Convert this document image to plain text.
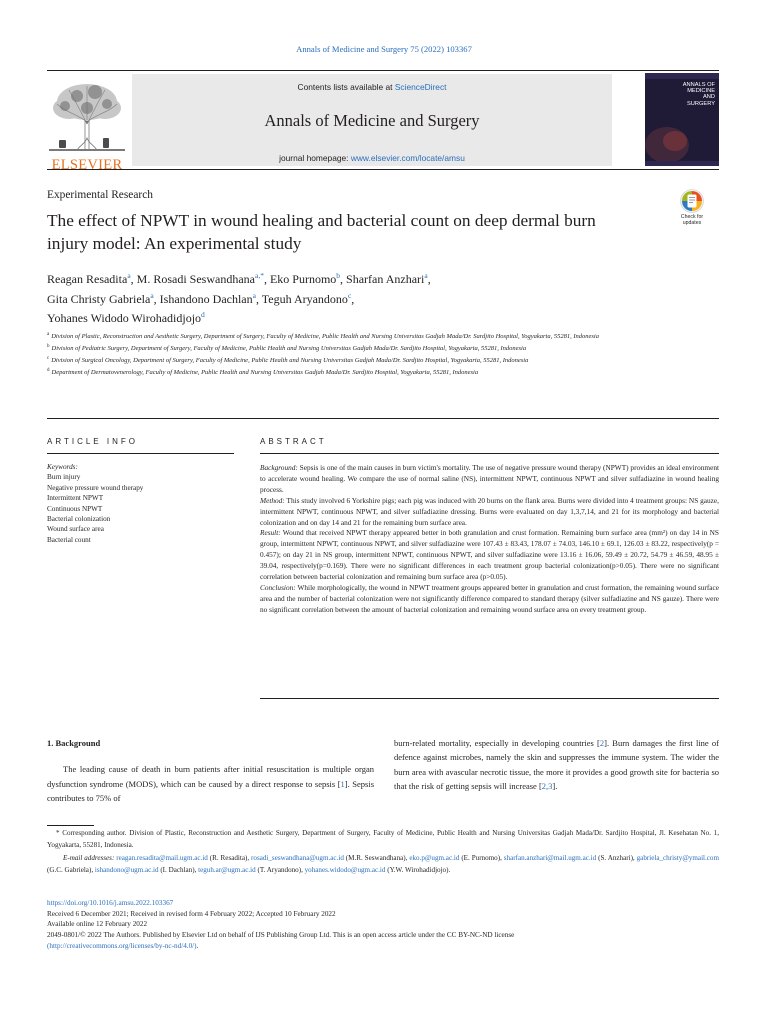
Annals of Medicine and Surgery 75 (2022) 103367
ELSEVIER
Contents lists available at ScienceDirect
Annals of Medicine and Surgery
journal homepage: www.elsevier.com/locate/amsu
ANNALS OF
MEDICINE
AND SURGERY
Experimental Research
The effect of NPWT in wound healing and bacterial count on deep dermal burn injury model: An experimental study
Check for
updates
Reagan Resadita$^a$, M. Rosadi Seswandhana$^{a,*}$, Eko Purnomo$^b$, Sharfan Anzhari$^a$,
Gita Christy Gabriela$^a$, Ishandono Dachlan$^a$, Teguh Aryandono$^c$,
Yohanes Widodo Wirohadidjojo$^d$
$^a$ Division of Plastic, Reconstruction and Aesthetic Surgery, Department of Surgery, Faculty of Medicine, Public Health and Nursing Universitas Gadjah Mada/Dr. Sardjito Hospital, Yogyakarta, 55281, Indonesia
$^b$ Division of Pediatric Surgery, Department of Surgery, Faculty of Medicine, Public Health and Nursing Universitas Gadjah Mada/Dr. Sardjito Hospital, Yogyakarta, 55281, Indonesia
$^c$ Division of Surgical Oncology, Department of Surgery, Faculty of Medicine, Public Health and Nursing Universitas Gadjah Mada/Dr. Sardjito Hospital, Yogyakarta, 55281, Indonesia
$^d$ Department of Dermatovenerology, Faculty of Medicine, Public Health and Nursing Universitas Gadjah Mada/Dr. Sardjito Hospital, Yogyakarta, 55281, Indonesia
ARTICLE INFO	ABSTRACT
Keywords:
Burn injury
Negative pressure wound therapy
Intermittent NPWT
Continuous NPWT
Bacterial colonization
Wound surface area
Bacterial count

Background: Sepsis is one of the main causes in burn victim's mortality. The use of negative pressure wound therapy (NPWT) provides an ideal environment to accelerate wound healing. We compare the use of normal saline (NS), intermittent NPWT, continuous NPWT and silver sulfadiazine in wound healing process.

Method: This study involved 6 Yorkshire pigs; each pig was induced with 20 burns on the flank area. Burns were divided into 4 treatment groups: NS gauze, intermittent NPWT, continuous NPWT, and silver sulfadiazine dressing. Burns were evaluated on day 1,3,7,14, and 21 for its morphology and bacterial colonization and on day 14 and 21 for the remaining burn surface area.

Result: Wound that received NPWT therapy appeared better in both granulation and crust formation. Remaining burn surface area (mm²) on day 14 in NS group, intermittent NPWT, continuous NPWT, and silver sulfadiazine were 107.43 ± 83.43, 178.07 ± 74.03, 146.10 ± 69.1, 126.03 ± 83.22, respectively(p = 0.457); on day 21 in NS group, intermittent NPWT, continuous NPWT, and silver sulfadiazine were 13.16 ± 16.06, 59.49 ± 20.72, 54.79 ± 46.59, 48.95 ± 39.04, respectively(p=0.169). There were no significant differences in each treatment group bacterial colonization(p>0.05). There were no significant correlation between bacterial colonization and remaining burn surface area (p>0.05).

Conclusion: While morphologically, the wound in NPWT treatment groups appeared better in granulation and crust formation, the remaining wound surface area and the number of bacterial colonization were not significantly difference compared to standard therapy (silver sulfadiazine and NS gauze). There were no significant correlation between the amount of bacterial colonization and remaining wound surface area on every treatment group.

1. Background

The leading cause of death in burn patients after initial resuscitation is multiple organ dysfunction syndrome (MODS), which can be caused by a direct response to sepsis [1]. Sepsis contributes to 75% of

burn-related mortality, especially in developing countries [2]. Burn damages the first line of defence against microbes, namely the skin and suppresses the immune system. The wider the burn area with avascular necrotic tissue, the more it provides a good growth site for bacteria so that the risk of getting sepsis will increase [2,3].

* Corresponding author. Division of Plastic, Reconstruction and Aesthetic Surgery, Department of Surgery, Faculty of Medicine, Public Health and Nursing Universitas Gadjah Mada/Dr. Sardjito Hospital, Jl. Kesehatan No. 1, Yogyakarta, 55281, Indonesia.

E-mail addresses: reagan.resadita@mail.ugm.ac.id (R. Resadita), rosadi_seswandhana@ugm.ac.id (M.R. Seswandhana), eko.p@ugm.ac.id (E. Purnomo), sharfan.anzhari@mail.ugm.ac.id (S. Anzhari), gabriela_christy@ymail.com (G.C. Gabriela), ishandono@ugm.ac.id (I. Dachlan), teguh.ar@ugm.ac.id (T. Aryandono), yohanes.widodo@ugm.ac.id (Y.W. Wirohadidjojo).

https://doi.org/10.1016/j.amsu.2022.103367
Received 6 December 2021; Received in revised form 4 February 2022; Accepted 10 February 2022
Available online 12 February 2022
2049-0801/© 2022 The Authors. Published by Elsevier Ltd on behalf of IJS Publishing Group Ltd. This is an open access article under the CC BY-NC-ND license
(http://creativecommons.org/licenses/by-nc-nd/4.0/).
